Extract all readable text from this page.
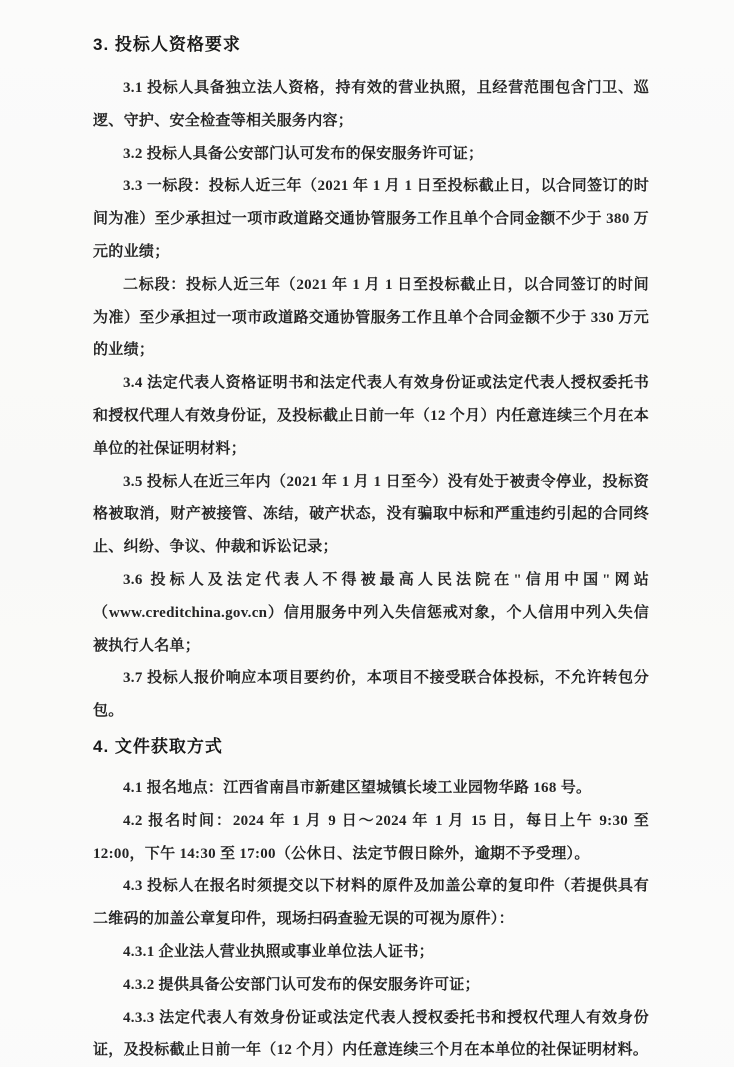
3. 投标人资格要求

3.1 投标人具备独立法人资格，持有效的营业执照，且经营范围包含门卫、巡逻、守护、安全检查等相关服务内容；

3.2 投标人具备公安部门认可发布的保安服务许可证；

3.3 一标段：投标人近三年（2021 年 1 月 1 日至投标截止日，以合同签订的时间为准）至少承担过一项市政道路交通协管服务工作且单个合同金额不少于 380 万元的业绩；

二标段：投标人近三年（2021 年 1 月 1 日至投标截止日，以合同签订的时间为准）至少承担过一项市政道路交通协管服务工作且单个合同金额不少于 330 万元的业绩；

3.4 法定代表人资格证明书和法定代表人有效身份证或法定代表人授权委托书和授权代理人有效身份证，及投标截止日前一年（12 个月）内任意连续三个月在本单位的社保证明材料；

3.5 投标人在近三年内（2021 年 1 月 1 日至今）没有处于被责令停业，投标资格被取消，财产被接管、冻结，破产状态，没有骗取中标和严重违约引起的合同终止、纠纷、争议、仲裁和诉讼记录；

3.6 投标人及法定代表人不得被最高人民法院在"信用中国"网站（www.creditchina.gov.cn）信用服务中列入失信惩戒对象，个人信用中列入失信被执行人名单；

3.7 投标人报价响应本项目要约价，本项目不接受联合体投标，不允许转包分包。

4. 文件获取方式

4.1 报名地点：江西省南昌市新建区望城镇长堎工业园物华路 168 号。

4.2 报名时间：2024 年 1 月 9 日～2024 年 1 月 15 日，每日上午 9:30 至 12:00，下午 14:30 至 17:00（公休日、法定节假日除外，逾期不予受理）。

4.3 投标人在报名时须提交以下材料的原件及加盖公章的复印件（若提供具有二维码的加盖公章复印件，现场扫码查验无误的可视为原件）：

4.3.1 企业法人营业执照或事业单位法人证书；

4.3.2 提供具备公安部门认可发布的保安服务许可证；

4.3.3 法定代表人有效身份证或法定代表人授权委托书和授权代理人有效身份证，及投标截止日前一年（12 个月）内任意连续三个月在本单位的社保证明材料。
